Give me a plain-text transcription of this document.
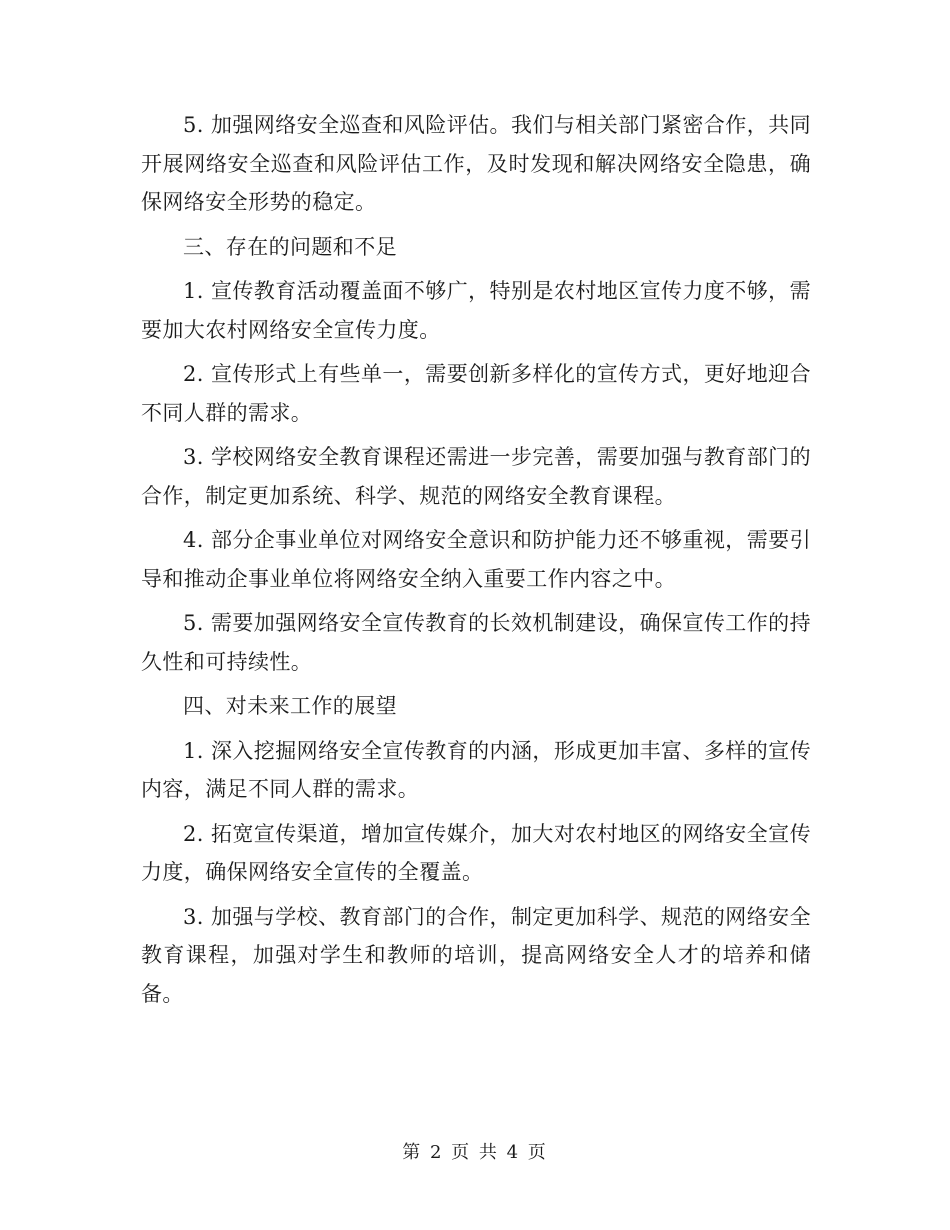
5. 加强网络安全巡查和风险评估。我们与相关部门紧密合作，共同开展网络安全巡查和风险评估工作，及时发现和解决网络安全隐患，确保网络安全形势的稳定。

三、存在的问题和不足

1. 宣传教育活动覆盖面不够广，特别是农村地区宣传力度不够，需要加大农村网络安全宣传力度。

2. 宣传形式上有些单一，需要创新多样化的宣传方式，更好地迎合不同人群的需求。

3. 学校网络安全教育课程还需进一步完善，需要加强与教育部门的合作，制定更加系统、科学、规范的网络安全教育课程。

4. 部分企事业单位对网络安全意识和防护能力还不够重视，需要引导和推动企事业单位将网络安全纳入重要工作内容之中。

5. 需要加强网络安全宣传教育的长效机制建设，确保宣传工作的持久性和可持续性。

四、对未来工作的展望

1. 深入挖掘网络安全宣传教育的内涵，形成更加丰富、多样的宣传内容，满足不同人群的需求。

2. 拓宽宣传渠道，增加宣传媒介，加大对农村地区的网络安全宣传力度，确保网络安全宣传的全覆盖。

3. 加强与学校、教育部门的合作，制定更加科学、规范的网络安全教育课程，加强对学生和教师的培训，提高网络安全人才的培养和储备。

第 2 页 共 4 页
